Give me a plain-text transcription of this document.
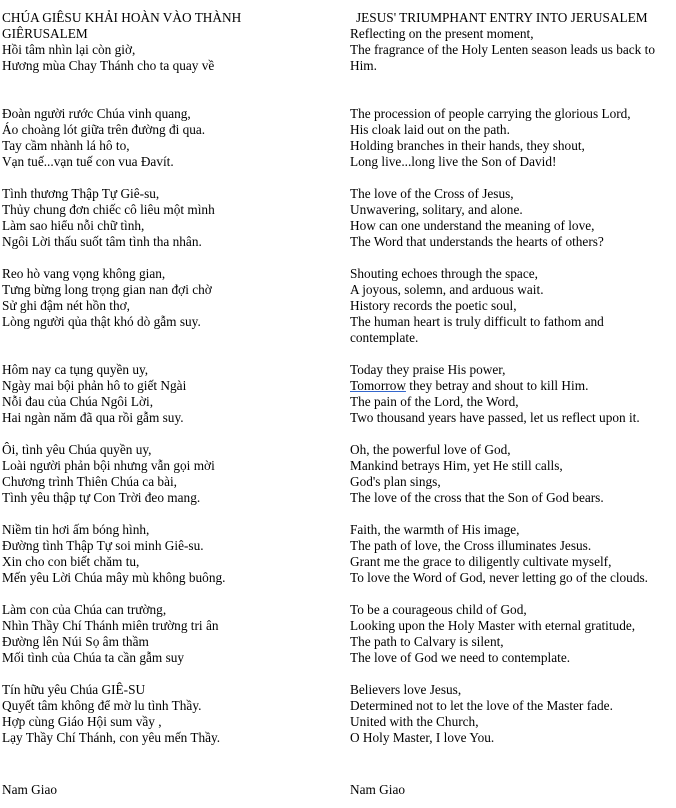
CHÚA GIÊSU KHẢI HOÀN VÀO THÀNH
GIÊRUSALEM
Hồi tâm nhìn lại còn giờ,
Hương mùa Chay Thánh cho ta quay về
Đoàn người rước Chúa vinh quang,
Áo choàng lót giữa trên đường đi qua.
Tay cầm nhành lá hô to,
Vạn tuế...vạn tuế con vua Đavít.
Tình thương Thập Tự Giê-su,
Thủy chung đơn chiếc cô liêu một mình
Làm sao hiểu nỗi chữ tình,
Ngôi Lời thấu suốt tâm tình tha nhân.
Reo hò vang vọng không gian,
Tưng bừng long trọng gian nan đợi chờ
Sử ghi đậm nét hồn thơ,
Lòng người qủa thật khó dò gẫm suy.
Hôm nay ca tụng quyền uy,
Ngày mai bội phản hô to giết Ngài
Nỗi đau của Chúa Ngôi Lời,
Hai ngàn năm đã qua rồi gẫm suy.
Ôi, tình yêu Chúa quyền uy,
Loài người phản bội nhưng vẫn gọi mời
Chương trình Thiên Chúa ca bài,
Tình yêu thập tự Con Trời đeo mang.
Niềm tin hơi ấm bóng hình,
Đường tình Thập Tự soi minh Giê-su.
Xin cho con biết chăm tu,
Mến yêu Lời Chúa mây mù không buông.
Làm con của Chúa can trường,
Nhìn Thầy Chí Thánh miên trường tri ân
Đường lên Núi Sọ âm thầm
Mối tình của Chúa ta cần gẫm suy
Tín hữu yêu Chúa GIÊ-SU
Quyết tâm không để mờ lu tình Thầy.
Hợp cùng Giáo Hội sum vầy ,
Lạy Thầy Chí Thánh, con yêu mến Thầy.
JESUS' TRIUMPHANT ENTRY INTO JERUSALEM
Reflecting on the present moment,
The fragrance of the Holy Lenten season leads us back to
Him.
The procession of people carrying the glorious Lord,
His cloak laid out on the path.
Holding branches in their hands, they shout,
Long live...long live the Son of David!
The love of the Cross of Jesus,
Unwavering, solitary, and alone.
How can one understand the meaning of love,
The Word that understands the hearts of others?
Shouting echoes through the space,
A joyous, solemn, and arduous wait.
History records the poetic soul,
The human heart is truly difficult to fathom and
contemplate.
Today they praise His power,
Tomorrow they betray and shout to kill Him.
The pain of the Lord, the Word,
Two thousand years have passed, let us reflect upon it.
Oh, the powerful love of God,
Mankind betrays Him, yet He still calls,
God's plan sings,
The love of the cross that the Son of God bears.
Faith, the warmth of His image,
The path of love, the Cross illuminates Jesus.
Grant me the grace to diligently cultivate myself,
To love the Word of God, never letting go of the clouds.
To be a courageous child of God,
Looking upon the Holy Master with eternal gratitude,
The path to Calvary is silent,
The love of God we need to contemplate.
Believers love Jesus,
Determined not to let the love of the Master fade.
United with the Church,
O Holy Master, I love You.
Nam Giao	Nam Giao
